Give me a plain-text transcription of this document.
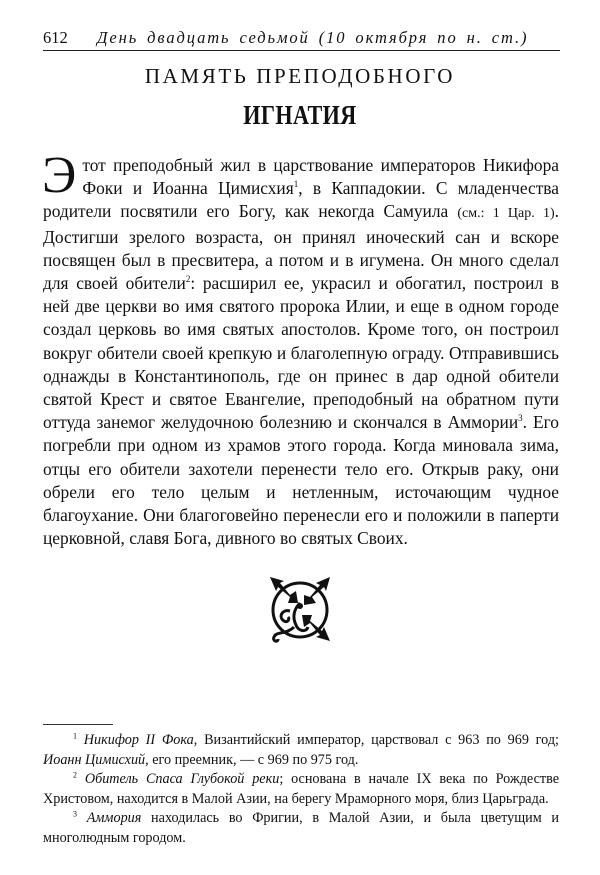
612 День двадцать седьмой (10 октября по н. ст.)
ПАМЯТЬ ПРЕПОДОБНОГО
ИГНАТИЯ
Этот преподобный жил в царствование императоров Никифора Фоки и Иоанна Цимисхия$^1$, в Каппадокии. С младенчества родители посвятили его Богу, как некогда Самуила (см.: 1 Цар. 1). Достигши зрелого возраста, он принял иноческий сан и вскоре посвящен был в пресвитера, а потом и в игумена. Он много сделал для своей обители$^2$: расширил ее, украсил и обогатил, построил в ней две церкви во имя святого пророка Илии, и еще в одном городе создал церковь во имя святых апостолов. Кроме того, он построил вокруг обители своей крепкую и благолепную ограду. Отправившись однажды в Константинополь, где он принес в дар одной обители святой Крест и святое Евангелие, преподобный на обратном пути оттуда занемог желудочною болезнию и скончался в Аммории$^3$. Его погребли при одном из храмов этого города. Когда миновала зима, отцы его обители захотели перенести тело его. Открыв раку, они обрели его тело целым и нетленным, источающим чудное благоухание. Они благоговейно перенесли его и положили в паперти церковной, славя Бога, дивного во святых Своих.

$^1$ Никифор II Фока, Византийский император, царствовал с 963 по 969 год; Иоанн Цимисхий, его преемник, — с 969 по 975 год.

$^2$ Обитель Спаса Глубокой реки; основана в начале IX века по Рождестве Христовом, находится в Малой Азии, на берегу Мраморного моря, близ Царьграда.

$^3$ Аммория находилась во Фригии, в Малой Азии, и была цветущим и многолюдным городом.
